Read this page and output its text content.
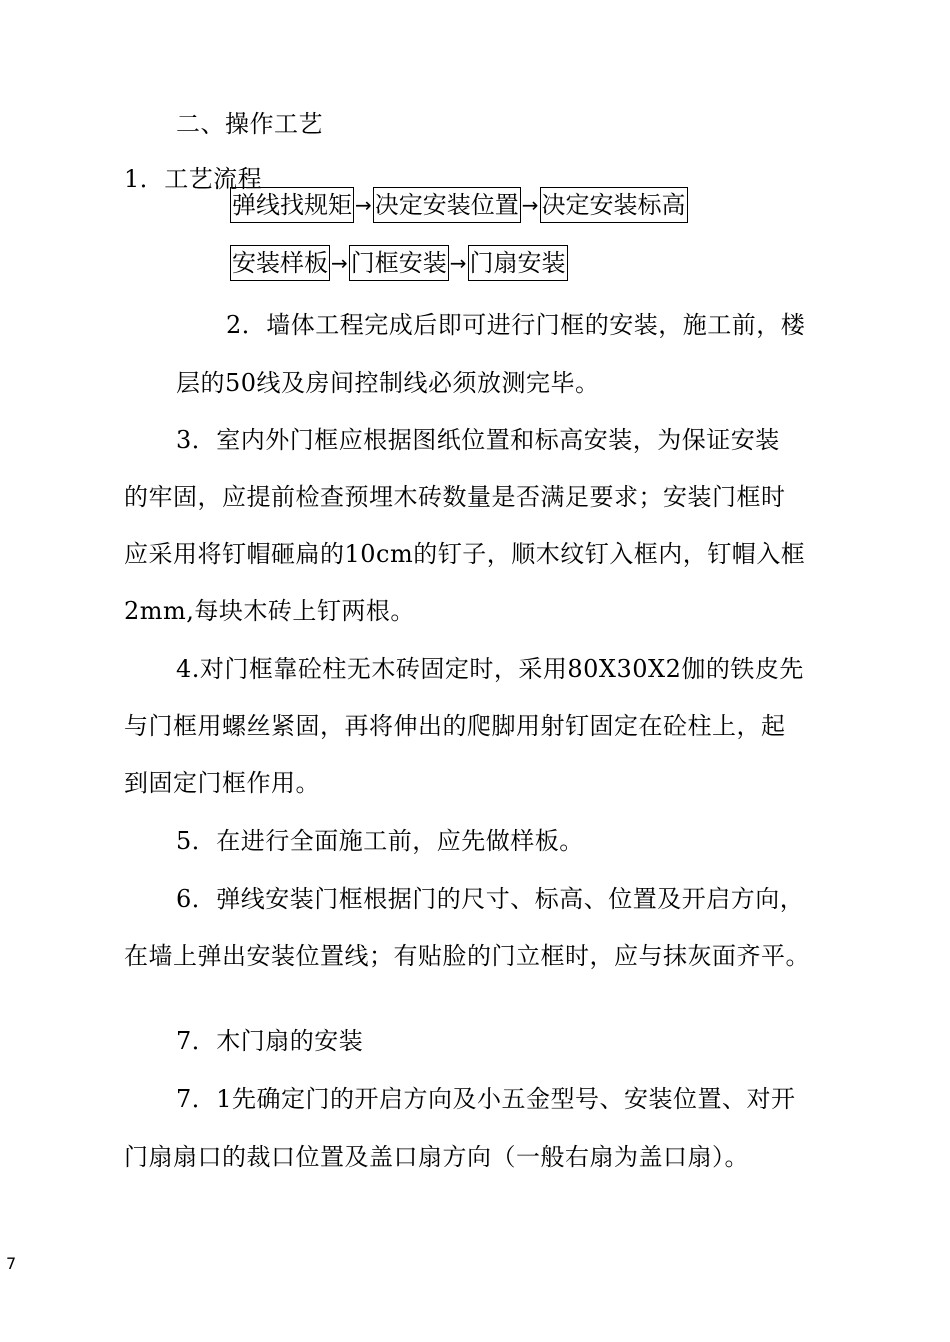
二、操作工艺
1．工艺流程
弹线找规矩 → 决定安装位置 → 决定安装标高
安装样板 → 门框安装 → 门扇安装
2．墙体工程完成后即可进行门框的安装，施工前，楼
层的50线及房间控制线必须放测完毕。
3．室内外门框应根据图纸位置和标高安装，为保证安装
的牢固，应提前检查预埋木砖数量是否满足要求；安装门框时
应采用将钉帽砸扁的10cm的钉子，顺木纹钉入框内，钉帽入框
2mm,每块木砖上钉两根。
4.对门框靠砼柱无木砖固定时，采用80X30X2伽的铁皮先
与门框用螺丝紧固，再将伸出的爬脚用射钉固定在砼柱上，起
到固定门框作用。
5．在进行全面施工前，应先做样板。
6．弹线安装门框根据门的尺寸、标高、位置及开启方向，
在墙上弹出安装位置线；有贴脸的门立框时，应与抹灰面齐平。
7．木门扇的安装
7．1先确定门的开启方向及小五金型号、安装位置、对开
门扇扇口的裁口位置及盖口扇方向（一般右扇为盖口扇）。
7
